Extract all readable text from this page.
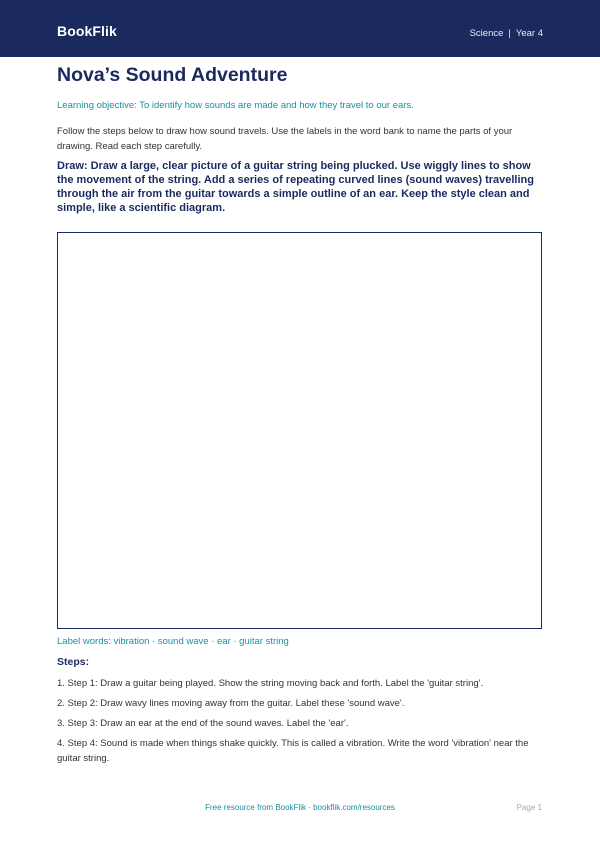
BookFlik	Science | Year 4
Nova’s Sound Adventure
Learning objective: To identify how sounds are made and how they travel to our ears.
Follow the steps below to draw how sound travels. Use the labels in the word bank to name the parts of your drawing. Read each step carefully.
Draw: Draw a large, clear picture of a guitar string being plucked. Use wiggly lines to show the movement of the string. Add a series of repeating curved lines (sound waves) travelling through the air from the guitar towards a simple outline of an ear. Keep the style clean and simple, like a scientific diagram.
Label words: vibration · sound wave · ear · guitar string
Steps:
1. Step 1: Draw a guitar being played. Show the string moving back and forth. Label the 'guitar string'.
2. Step 2: Draw wavy lines moving away from the guitar. Label these 'sound wave'.
3. Step 3: Draw an ear at the end of the sound waves. Label the 'ear'.
4. Step 4: Sound is made when things shake quickly. This is called a vibration. Write the word 'vibration' near the guitar string.
Free resource from BookFlik · bookflik.com/resources	Page 1
